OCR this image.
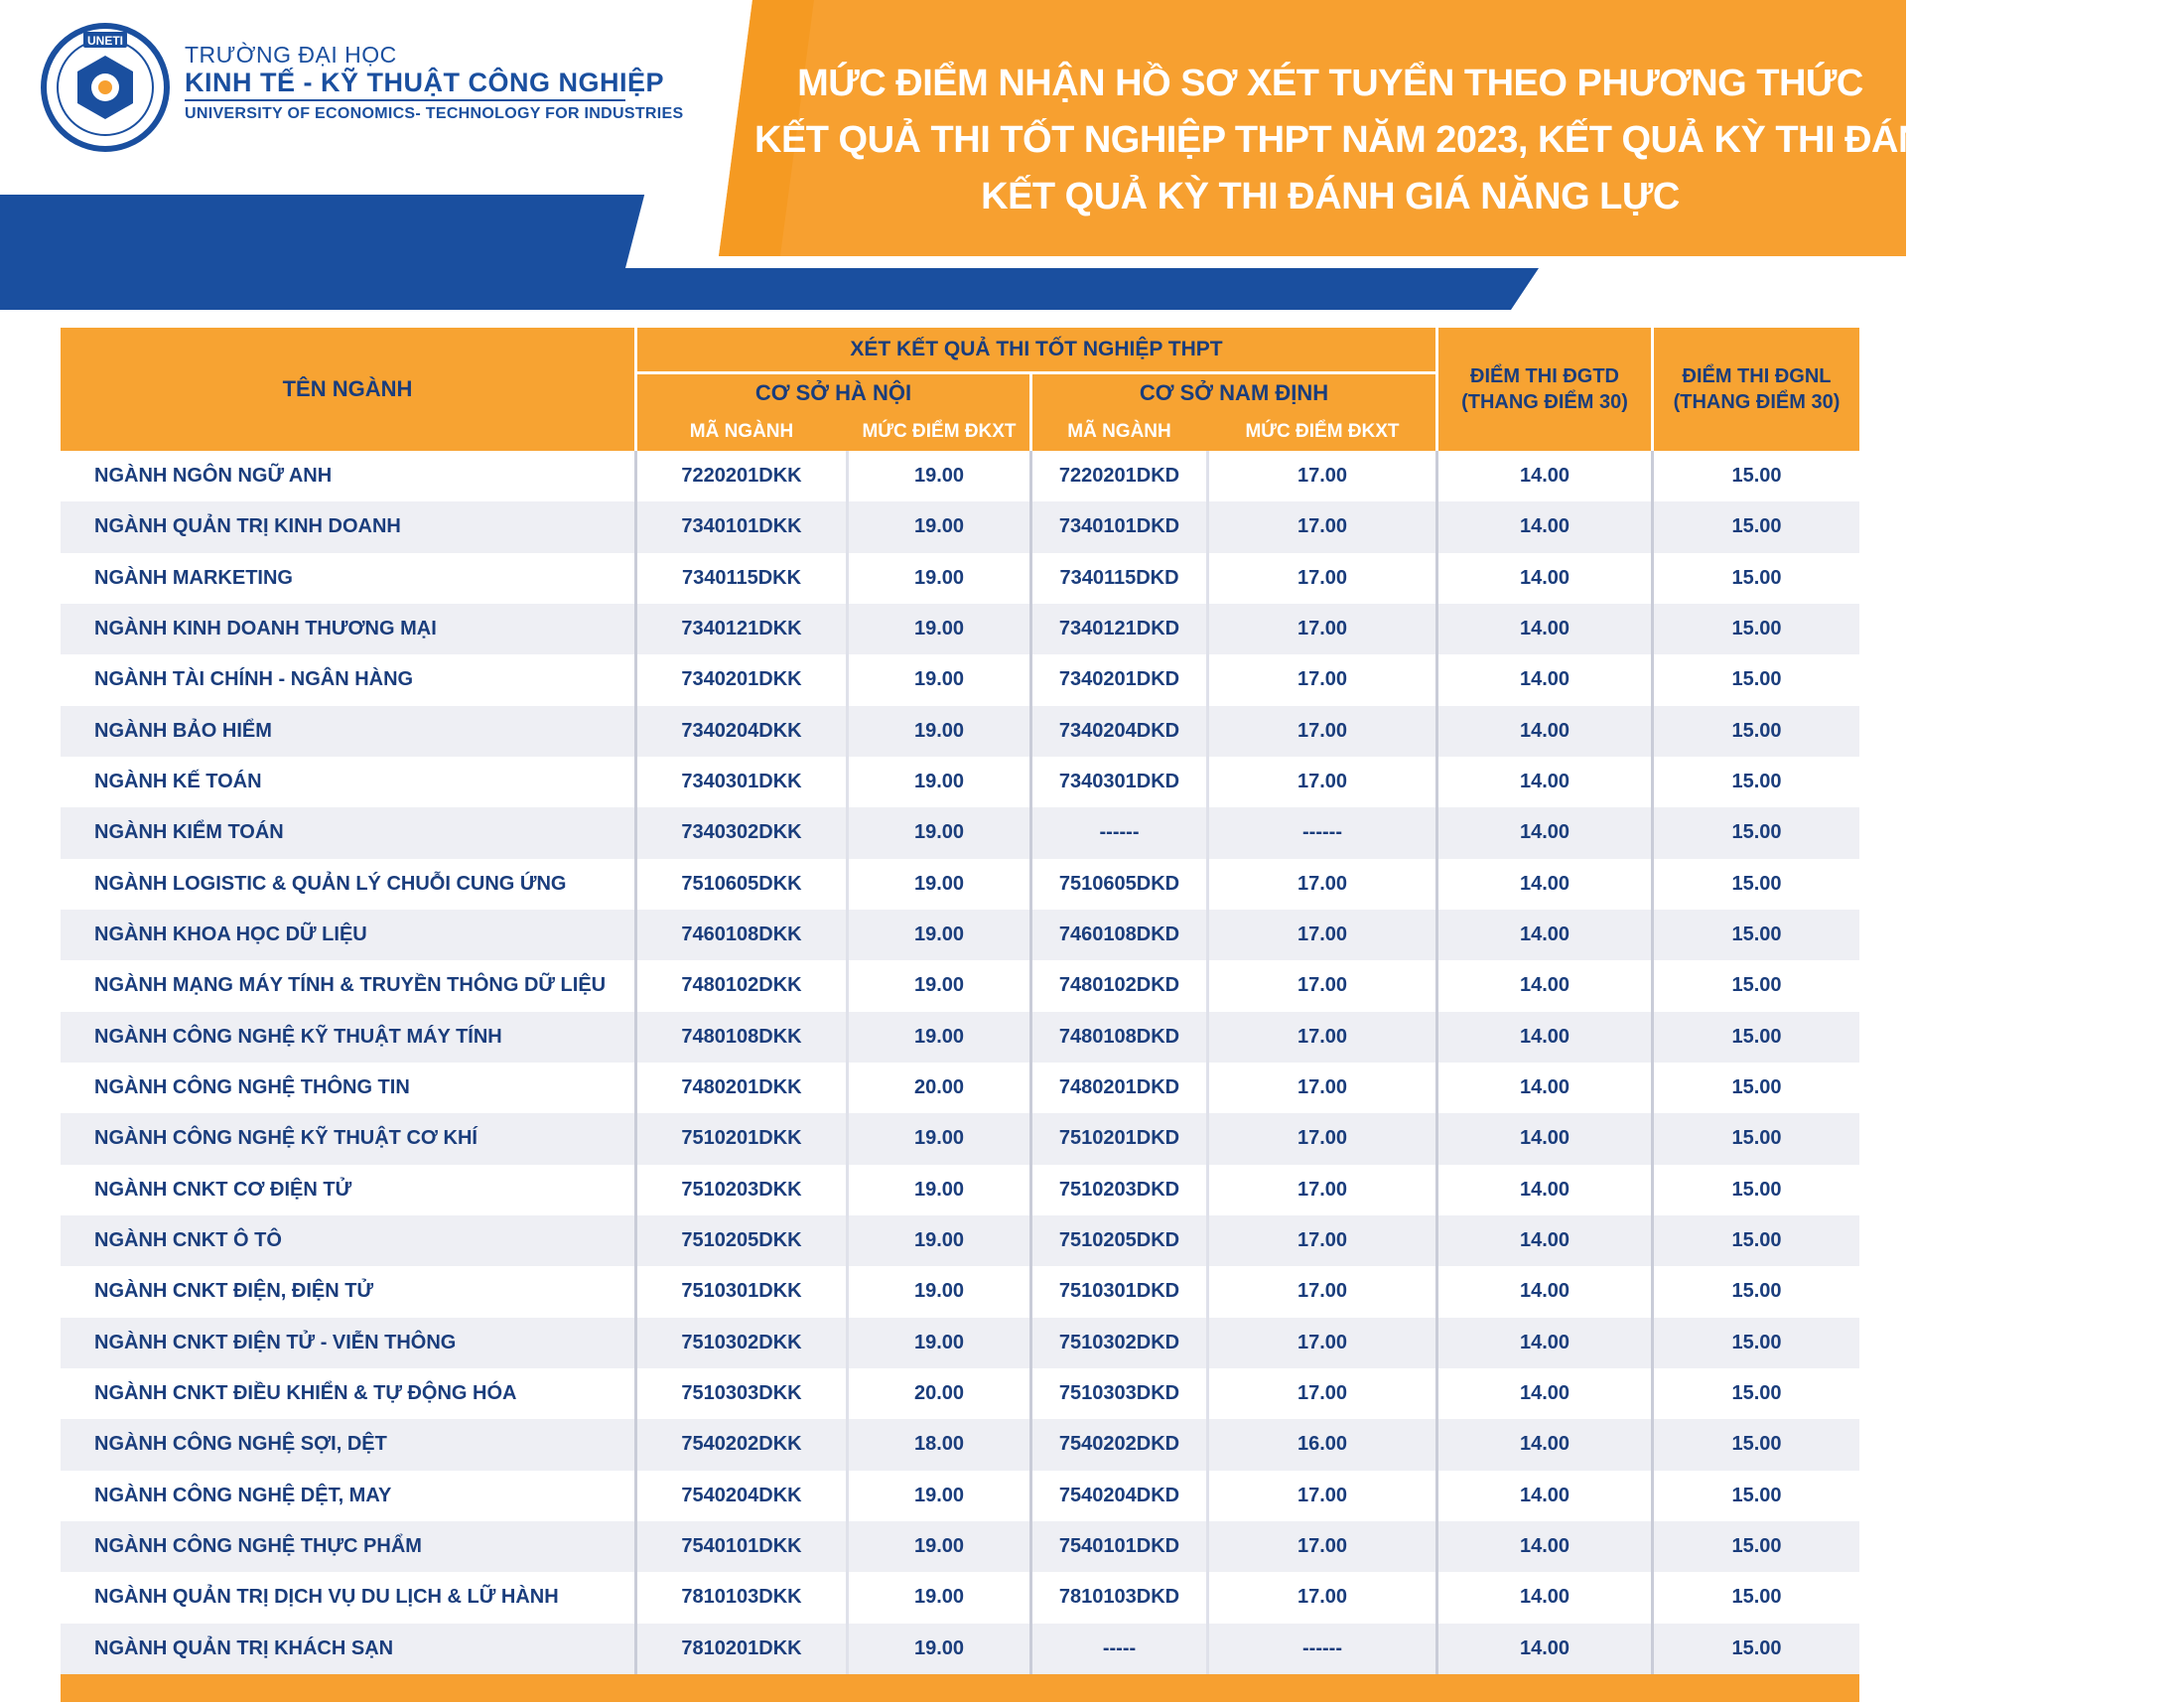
UNETI
TRƯỜNG ĐẠI HỌC
KINH TẾ - KỸ THUẬT CÔNG NGHIỆP
UNIVERSITY OF ECONOMICS- TECHNOLOGY FOR INDUSTRIES
MỨC ĐIỂM NHẬN HỒ SƠ XÉT TUYỂN THEO PHƯƠNG THỨC
KẾT QUẢ THI TỐT NGHIỆP THPT NĂM 2023, KẾT QUẢ KỲ THI ĐÁNH GIÁ TƯ DUY,
KẾT QUẢ KỲ THI ĐÁNH GIÁ NĂNG LỰC
TÊN NGÀNH
XÉT KẾT QUẢ THI TỐT NGHIỆP THPT
CƠ SỞ HÀ NỘI	CƠ SỞ NAM ĐỊNH
MÃ NGÀNH	MỨC ĐIỂM ĐKXT	MÃ NGÀNH	MỨC ĐIỂM ĐKXT
ĐIỂM THI ĐGTD
(THANG ĐIỂM 30)
ĐIỂM THI ĐGNL
(THANG ĐIỂM 30)
NGÀNH QUẢN TRỊ KHÁCH SẠN	7810201DKK	19.00	-----	------	14.00	15.00
NGÀNH QUẢN TRỊ DỊCH VỤ DU LỊCH & LỮ HÀNH	7810103DKK	19.00	7810103DKD	17.00	14.00	15.00
NGÀNH CÔNG NGHỆ THỰC PHẨM	7540101DKK	19.00	7540101DKD	17.00	14.00	15.00
NGÀNH CÔNG NGHỆ DỆT, MAY	7540204DKK	19.00	7540204DKD	17.00	14.00	15.00
NGÀNH CÔNG NGHỆ SỢI, DỆT	7540202DKK	18.00	7540202DKD	16.00	14.00	15.00
NGÀNH CNKT ĐIỀU KHIỂN & TỰ ĐỘNG HÓA	7510303DKK	20.00	7510303DKD	17.00	14.00	15.00
NGÀNH CNKT ĐIỆN TỬ - VIỄN THÔNG	7510302DKK	19.00	7510302DKD	17.00	14.00	15.00
NGÀNH CNKT ĐIỆN, ĐIỆN TỬ	7510301DKK	19.00	7510301DKD	17.00	14.00	15.00
NGÀNH CNKT Ô TÔ	7510205DKK	19.00	7510205DKD	17.00	14.00	15.00
NGÀNH CNKT CƠ ĐIỆN TỬ	7510203DKK	19.00	7510203DKD	17.00	14.00	15.00
NGÀNH CÔNG NGHỆ KỸ THUẬT CƠ KHÍ	7510201DKK	19.00	7510201DKD	17.00	14.00	15.00
NGÀNH CÔNG NGHỆ THÔNG TIN	7480201DKK	20.00	7480201DKD	17.00	14.00	15.00
NGÀNH CÔNG NGHỆ KỸ THUẬT MÁY TÍNH	7480108DKK	19.00	7480108DKD	17.00	14.00	15.00
NGÀNH MẠNG MÁY TÍNH & TRUYỀN THÔNG DỮ LIỆU	7480102DKK	19.00	7480102DKD	17.00	14.00	15.00
NGÀNH KHOA HỌC DỮ LIỆU	7460108DKK	19.00	7460108DKD	17.00	14.00	15.00
NGÀNH LOGISTIC & QUẢN LÝ CHUỖI CUNG ỨNG	7510605DKK	19.00	7510605DKD	17.00	14.00	15.00
NGÀNH KIỂM TOÁN	7340302DKK	19.00	------	------	14.00	15.00
NGÀNH KẾ TOÁN	7340301DKK	19.00	7340301DKD	17.00	14.00	15.00
NGÀNH BẢO HIỂM	7340204DKK	19.00	7340204DKD	17.00	14.00	15.00
NGÀNH TÀI CHÍNH - NGÂN HÀNG	7340201DKK	19.00	7340201DKD	17.00	14.00	15.00
NGÀNH KINH DOANH THƯƠNG MẠI	7340121DKK	19.00	7340121DKD	17.00	14.00	15.00
NGÀNH MARKETING	7340115DKK	19.00	7340115DKD	17.00	14.00	15.00
NGÀNH QUẢN TRỊ KINH DOANH	7340101DKK	19.00	7340101DKD	17.00	14.00	15.00
NGÀNH NGÔN NGỮ ANH	7220201DKK	19.00	7220201DKD	17.00	14.00	15.00
